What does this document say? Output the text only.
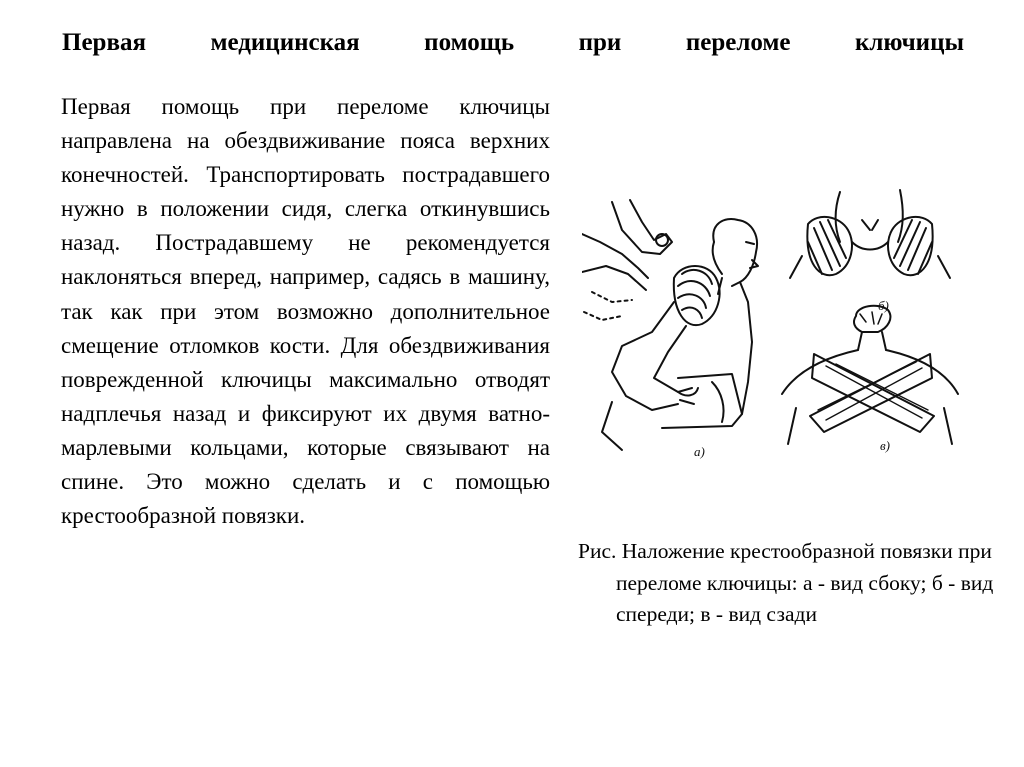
Первая медицинская помощь при переломе ключицы

Первая помощь при переломе ключицы направлена на обездвиживание пояса верхних конечностей. Транспортировать пострадавшего нужно в положении сидя, слегка откинувшись назад. Пострадавшему не рекомендуется наклоняться вперед, например, садясь в машину, так как при этом возможно дополнительное смещение отломков кости. Для обездвиживания поврежденной ключицы максимально отводят надплечья назад и фиксируют их двумя ватно-марлевыми кольцами, которые связывают на спине. Это можно сделать и с помощью крестообразной повязки.

а)
б)
в)
Рис. Наложение крестообразной повязки при переломе ключицы: а - вид сбоку; б - вид спереди; в - вид сзади
